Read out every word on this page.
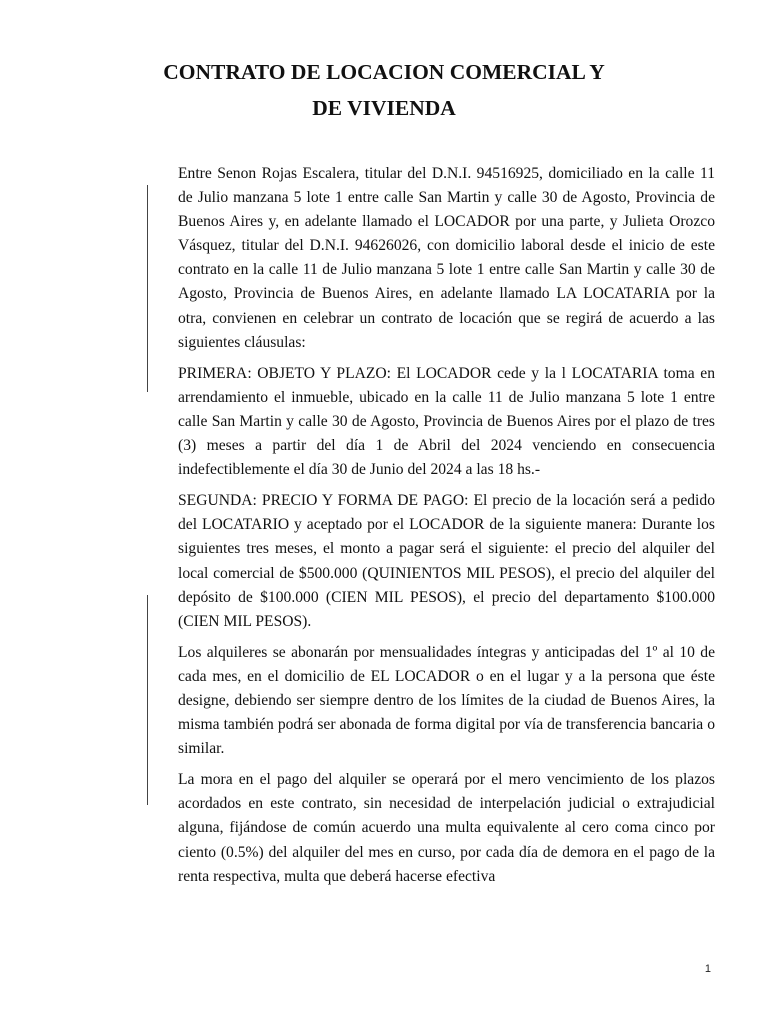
CONTRATO DE LOCACION COMERCIAL Y DE VIVIENDA

Entre Senon Rojas Escalera, titular del D.N.I. 94516925, domiciliado en la calle 11 de Julio manzana 5 lote 1 entre calle San Martin y calle 30 de Agosto, Provincia de Buenos Aires y, en adelante llamado el LOCADOR por una parte, y Julieta Orozco Vásquez, titular del D.N.I. 94626026, con domicilio laboral desde el inicio de este contrato en la calle 11 de Julio manzana 5 lote 1 entre calle San Martin y calle 30 de Agosto, Provincia de Buenos Aires, en adelante llamado LA LOCATARIA por la otra, convienen en celebrar un contrato de locación que se regirá de acuerdo a las siguientes cláusulas:

PRIMERA: OBJETO Y PLAZO: El LOCADOR cede y la l LOCATARIA toma en arrendamiento el inmueble, ubicado en la calle 11 de Julio manzana 5 lote 1 entre calle San Martin y calle 30 de Agosto, Provincia de Buenos Aires por el plazo de tres (3) meses a partir del día 1 de Abril del 2024 venciendo en consecuencia indefectiblemente el día 30 de Junio del 2024 a las 18 hs.-

SEGUNDA: PRECIO Y FORMA DE PAGO: El precio de la locación será a pedido del LOCATARIO y aceptado por el LOCADOR de la siguiente manera: Durante los siguientes tres meses, el monto a pagar será el siguiente: el precio del alquiler del local comercial de $500.000 (QUINIENTOS MIL PESOS), el precio del alquiler del depósito de $100.000 (CIEN MIL PESOS), el precio del departamento $100.000 (CIEN MIL PESOS).

Los alquileres se abonarán por mensualidades íntegras y anticipadas del 1º al 10 de cada mes, en el domicilio de EL LOCADOR o en el lugar y a la persona que éste designe, debiendo ser siempre dentro de los límites de la ciudad de Buenos Aires, la misma también podrá ser abonada de forma digital por vía de transferencia bancaria o similar.

La mora en el pago del alquiler se operará por el mero vencimiento de los plazos acordados en este contrato, sin necesidad de interpelación judicial o extrajudicial alguna, fijándose de común acuerdo una multa equivalente al cero coma cinco por ciento (0.5%) del alquiler del mes en curso, por cada día de demora en el pago de la renta respectiva, multa que deberá hacerse efectiva

1
